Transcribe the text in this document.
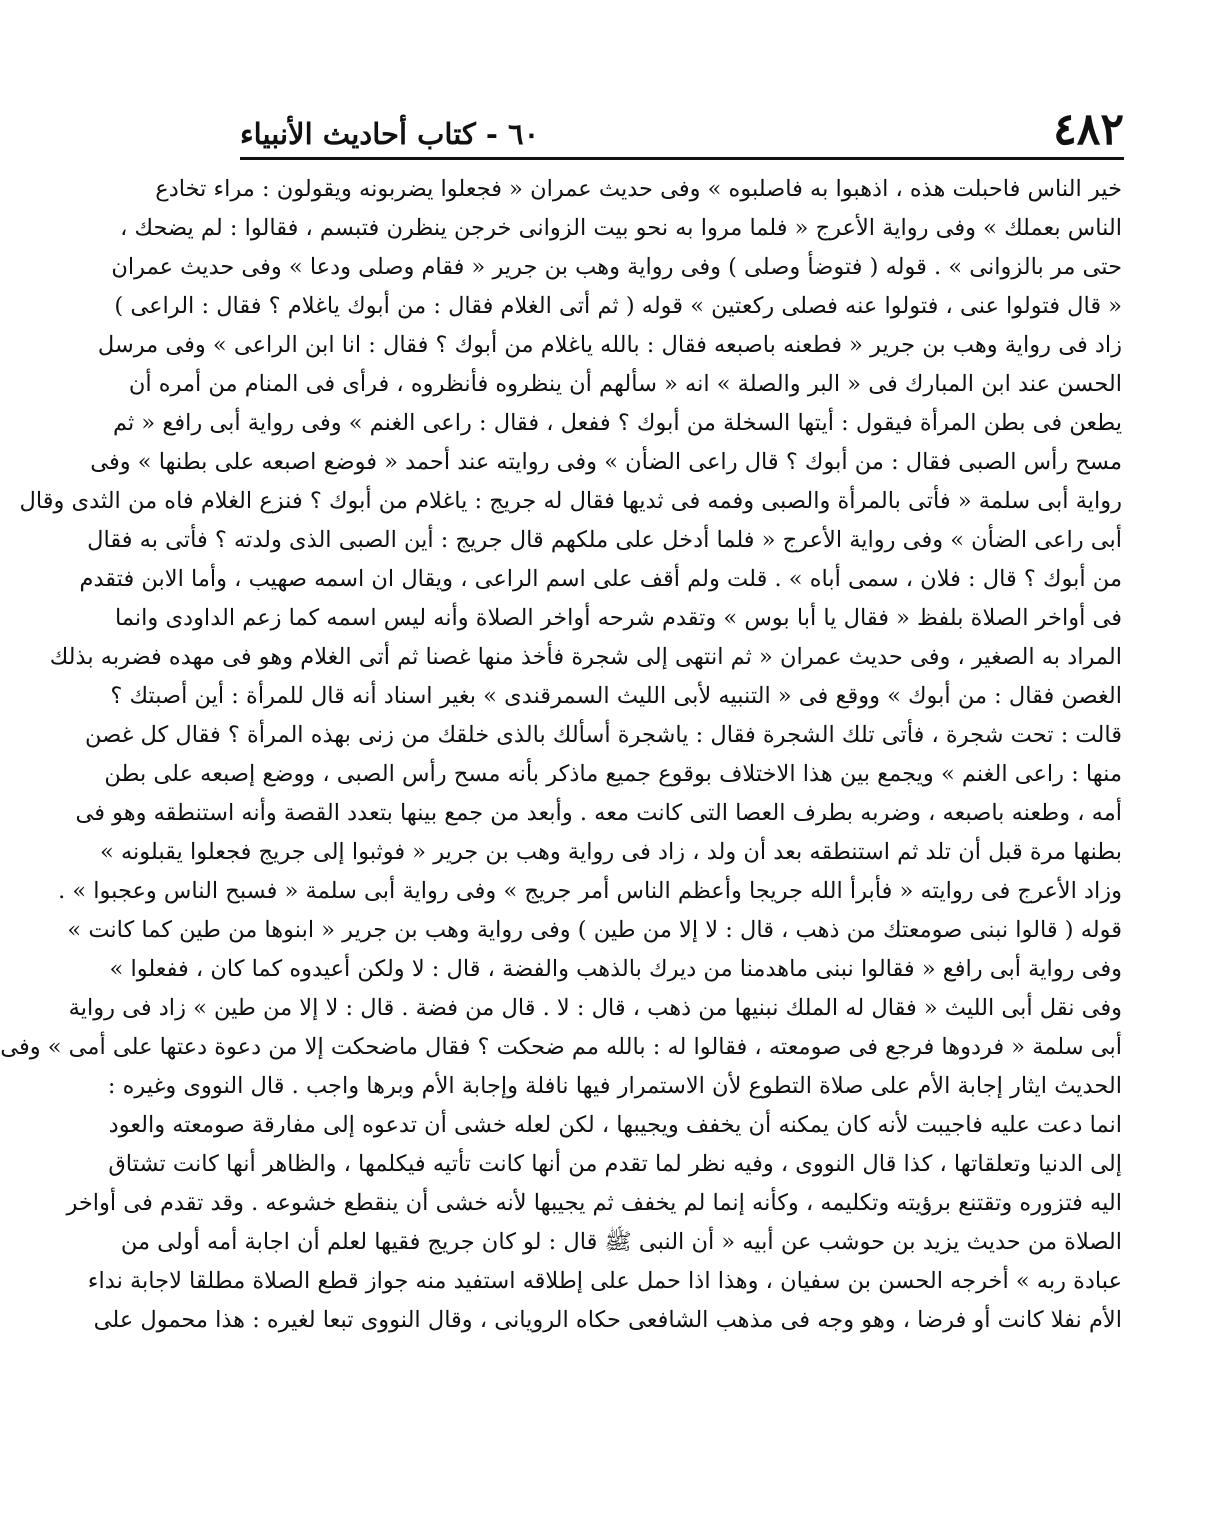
٤٨٢
٦٠ - كتاب أحاديث الأنبياء
خير الناس فاحبلت هذه ، اذهبوا به فاصلبوه » وفى حديث عمران « فجعلوا يضربونه ويقولون : مراء تخادع
الناس بعملك » وفى رواية الأعرج « فلما مروا به نحو بيت الزوانى خرجن ينظرن فتبسم ، فقالوا : لم يضحك ،
حتى مر بالزوانى » . قوله ( فتوضأ وصلى ) وفى رواية وهب بن جرير « فقام وصلى ودعا » وفى حديث عمران
« قال فتولوا عنى ، فتولوا عنه فصلى ركعتين » قوله ( ثم أتى الغلام فقال : من أبوك ياغلام ؟ فقال : الراعى )
زاد فى رواية وهب بن جرير « فطعنه باصبعه فقال : بالله ياغلام من أبوك ؟ فقال : انا ابن الراعى » وفى مرسل
الحسن عند ابن المبارك فى « البر والصلة » انه « سألهم أن ينظروه فأنظروه ، فرأى فى المنام من أمره أن
يطعن فى بطن المرأة فيقول : أيتها السخلة من أبوك ؟ ففعل ، فقال : راعى الغنم » وفى رواية أبى رافع « ثم
مسح رأس الصبى فقال : من أبوك ؟ قال راعى الضأن » وفى روايته عند أحمد « فوضع اصبعه على بطنها » وفى
رواية أبى سلمة « فأتى بالمرأة والصبى وفمه فى ثديها فقال له جريج : ياغلام من أبوك ؟ فنزع الغلام فاه من الثدى وقال
أبى راعى الضأن » وفى رواية الأعرج « فلما أدخل على ملكهم قال جريج : أين الصبى الذى ولدته ؟ فأتى به فقال
من أبوك ؟ قال : فلان ، سمى أباه » . قلت ولم أقف على اسم الراعى ، ويقال ان اسمه صهيب ، وأما الابن فتقدم
فى أواخر الصلاة بلفظ « فقال يا أبا بوس » وتقدم شرحه أواخر الصلاة وأنه ليس اسمه كما زعم الداودى وانما
المراد به الصغير ، وفى حديث عمران « ثم انتهى إلى شجرة فأخذ منها غصنا ثم أتى الغلام وهو فى مهده فضربه بذلك
الغصن فقال : من أبوك » ووقع فى « التنبيه لأبى الليث السمرقندى » بغير اسناد أنه قال للمرأة : أين أصبتك ؟
قالت : تحت شجرة ، فأتى تلك الشجرة فقال : ياشجرة أسألك بالذى خلقك من زنى بهذه المرأة ؟ فقال كل غصن
منها : راعى الغنم » ويجمع بين هذا الاختلاف بوقوع جميع ماذكر بأنه مسح رأس الصبى ، ووضع إصبعه على بطن
أمه ، وطعنه باصبعه ، وضربه بطرف العصا التى كانت معه . وأبعد من جمع بينها بتعدد القصة وأنه استنطقه وهو فى
بطنها مرة قبل أن تلد ثم استنطقه بعد أن ولد ، زاد فى رواية وهب بن جرير « فوثبوا إلى جريج فجعلوا يقبلونه »
وزاد الأعرج فى روايته « فأبرأ الله جريجا وأعظم الناس أمر جريج » وفى رواية أبى سلمة « فسبح الناس وعجبوا » .
قوله ( قالوا نبنى صومعتك من ذهب ، قال : لا إلا من طين ) وفى رواية وهب بن جرير « ابنوها من طين كما كانت »
وفى رواية أبى رافع « فقالوا نبنى ماهدمنا من ديرك بالذهب والفضة ، قال : لا ولكن أعيدوه كما كان ، ففعلوا »
وفى نقل أبى الليث « فقال له الملك نبنيها من ذهب ، قال : لا . قال من فضة . قال : لا إلا من طين » زاد فى رواية
أبى سلمة « فردوها فرجع فى صومعته ، فقالوا له : بالله مم ضحكت ؟ فقال ماضحكت إلا من دعوة دعتها على أمى » وفى
الحديث ايثار إجابة الأم على صلاة التطوع لأن الاستمرار فيها نافلة وإجابة الأم وبرها واجب . قال النووى وغيره :
انما دعت عليه فاجيبت لأنه كان يمكنه أن يخفف ويجيبها ، لكن لعله خشى أن تدعوه إلى مفارقة صومعته والعود
إلى الدنيا وتعلقاتها ، كذا قال النووى ، وفيه نظر لما تقدم من أنها كانت تأتيه فيكلمها ، والظاهر أنها كانت تشتاق
اليه فتزوره وتقتنع برؤيته وتكليمه ، وكأنه إنما لم يخفف ثم يجيبها لأنه خشى أن ينقطع خشوعه . وقد تقدم فى أواخر
الصلاة من حديث يزيد بن حوشب عن أبيه « أن النبى ﷺ قال : لو كان جريج فقيها لعلم أن اجابة أمه أولى من
عبادة ربه » أخرجه الحسن بن سفيان ، وهذا اذا حمل على إطلاقه استفيد منه جواز قطع الصلاة مطلقا لاجابة نداء
الأم نفلا كانت أو فرضا ، وهو وجه فى مذهب الشافعى حكاه الرويانى ، وقال النووى تبعا لغيره : هذا محمول على
